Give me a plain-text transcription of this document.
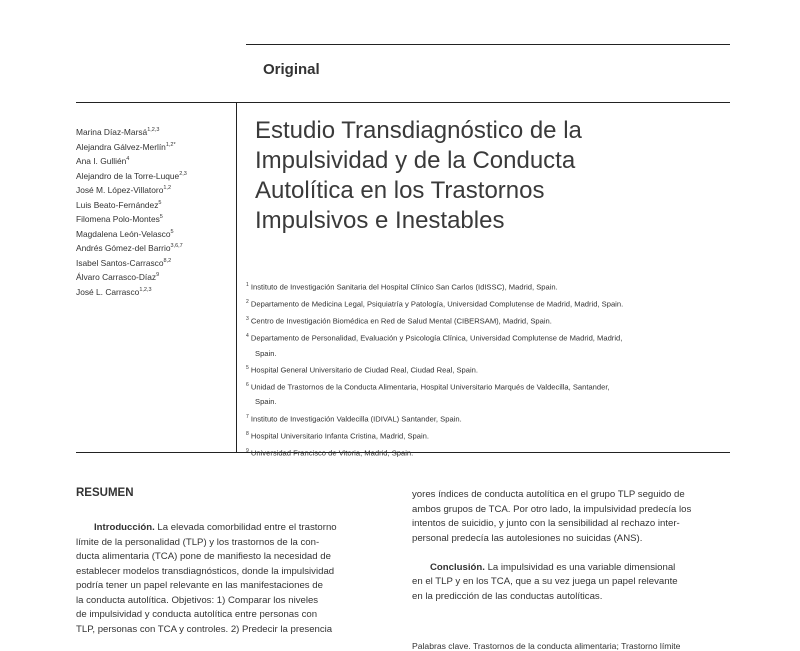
Original
Marina Díaz-Marsá$^{1,2,3}$
Alejandra Gálvez-Merlín$^{1,2*}$
Ana I. Gullién$^4$
Alejandro de la Torre-Luque$^{2,3}$
José M. López-Villatoro$^{1,2}$
Luis Beato-Fernández$^5$
Filomena Polo-Montes$^5$
Magdalena León-Velasco$^5$
Andrés Gómez-del Barrio$^{3,6,7}$
Isabel Santos-Carrasco$^{8,2}$
Álvaro Carrasco-Díaz$^9$
José L. Carrasco$^{1,2,3}$
Estudio Transdiagnóstico de la
Impulsividad y de la Conducta
Autolítica en los Trastornos
Impulsivos e Inestables
$^1$ Instituto de Investigación Sanitaria del Hospital Clínico San Carlos (IdISSC), Madrid, Spain.
$^2$ Departamento de Medicina Legal, Psiquiatría y Patología, Universidad Complutense de Madrid, Madrid, Spain.
$^3$ Centro de Investigación Biomédica en Red de Salud Mental (CIBERSAM), Madrid, Spain.
$^4$ Departamento de Personalidad, Evaluación y Psicología Clínica, Universidad Complutense de Madrid, Madrid,
Spain.
$^5$ Hospital General Universitario de Ciudad Real, Ciudad Real, Spain.
$^6$ Unidad de Trastornos de la Conducta Alimentaria, Hospital Universitario Marqués de Valdecilla, Santander,
Spain.
$^7$ Instituto de Investigación Valdecilla (IDIVAL) Santander, Spain.
$^8$ Hospital Universitario Infanta Cristina, Madrid, Spain.
$^9$ Universidad Francisco de Vitoria, Madrid, Spain.
RESUMEN
Introducción. La elevada comorbilidad entre el trastorno
límite de la personalidad (TLP) y los trastornos de la con-
ducta alimentaria (TCA) pone de manifiesto la necesidad de
establecer modelos transdiagnósticos, donde la impulsividad
podría tener un papel relevante en las manifestaciones de
la conducta autolítica. Objetivos: 1) Comparar los niveles
de impulsividad y conducta autolítica entre personas con
TLP, personas con TCA y controles. 2) Predecir la presencia
yores índices de conducta autolítica en el grupo TLP seguido de
ambos grupos de TCA. Por otro lado, la impulsividad predecía los
intentos de suicidio, y junto con la sensibilidad al rechazo inter-
personal predecía las autolesiones no suicidas (ANS).
Conclusión. La impulsividad es una variable dimensional
en el TLP y en los TCA, que a su vez juega un papel relevante
en la predicción de las conductas autolíticas.
Palabras clave. Trastornos de la conducta alimentaria; Trastorno límite
